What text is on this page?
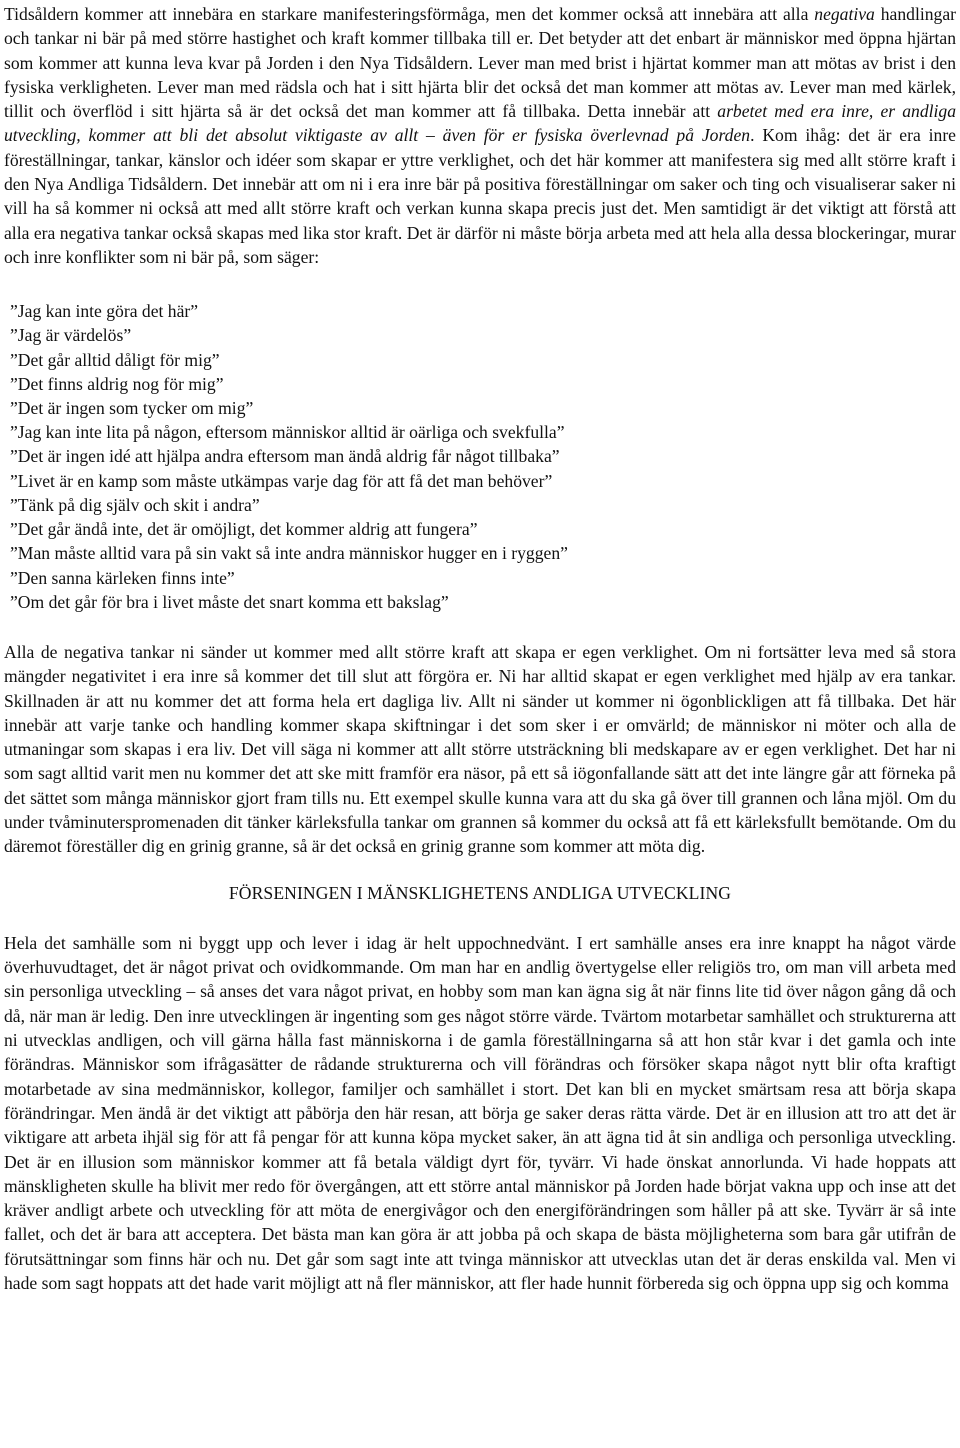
Tidsåldern kommer att innebära en starkare manifesteringsförmåga, men det kommer också att innebära att alla negativa handlingar och tankar ni bär på med större hastighet och kraft kommer tillbaka till er. Det betyder att det enbart är människor med öppna hjärtan som kommer att kunna leva kvar på Jorden i den Nya Tidsåldern. Lever man med brist i hjärtat kommer man att mötas av brist i den fysiska verkligheten. Lever man med rädsla och hat i sitt hjärta blir det också det man kommer att mötas av. Lever man med kärlek, tillit och överflöd i sitt hjärta så är det också det man kommer att få tillbaka. Detta innebär att arbetet med era inre, er andliga utveckling, kommer att bli det absolut viktigaste av allt – även för er fysiska överlevnad på Jorden. Kom ihåg: det är era inre föreställningar, tankar, känslor och idéer som skapar er yttre verklighet, och det här kommer att manifestera sig med allt större kraft i den Nya Andliga Tidsåldern. Det innebär att om ni i era inre bär på positiva föreställningar om saker och ting och visualiserar saker ni vill ha så kommer ni också att med allt större kraft och verkan kunna skapa precis just det. Men samtidigt är det viktigt att förstå att alla era negativa tankar också skapas med lika stor kraft. Det är därför ni måste börja arbeta med att hela alla dessa blockeringar, murar och inre konflikter som ni bär på, som säger:

”Jag kan inte göra det här”
”Jag är värdelös”
”Det går alltid dåligt för mig”
”Det finns aldrig nog för mig”
”Det är ingen som tycker om mig”
”Jag kan inte lita på någon, eftersom människor alltid är oärliga och svekfulla”
”Det är ingen idé att hjälpa andra eftersom man ändå aldrig får något tillbaka”
”Livet är en kamp som måste utkämpas varje dag för att få det man behöver”
”Tänk på dig själv och skit i andra”
”Det går ändå inte, det är omöjligt, det kommer aldrig att fungera”
”Man måste alltid vara på sin vakt så inte andra människor hugger en i ryggen”
”Den sanna kärleken finns inte”
”Om det går för bra i livet måste det snart komma ett bakslag”

Alla de negativa tankar ni sänder ut kommer med allt större kraft att skapa er egen verklighet. Om ni fortsätter leva med så stora mängder negativitet i era inre så kommer det till slut att förgöra er. Ni har alltid skapat er egen verklighet med hjälp av era tankar. Skillnaden är att nu kommer det att forma hela ert dagliga liv. Allt ni sänder ut kommer ni ögonblickligen att få tillbaka. Det här innebär att varje tanke och handling kommer skapa skiftningar i det som sker i er omvärld; de människor ni möter och alla de utmaningar som skapas i era liv. Det vill säga ni kommer att allt större utsträckning bli medskapare av er egen verklighet. Det har ni som sagt alltid varit men nu kommer det att ske mitt framför era näsor, på ett så iögonfallande sätt att det inte längre går att förneka på det sättet som många människor gjort fram tills nu. Ett exempel skulle kunna vara att du ska gå över till grannen och låna mjöl. Om du under tvåminuterspromenaden dit tänker kärleksfulla tankar om grannen så kommer du också att få ett kärleksfullt bemötande. Om du däremot föreställer dig en grinig granne, så är det också en grinig granne som kommer att möta dig.

FÖRSENINGEN I MÄNSKLIGHETENS ANDLIGA UTVECKLING

Hela det samhälle som ni byggt upp och lever i idag är helt uppochnedvänt. I ert samhälle anses era inre knappt ha något värde överhuvudtaget, det är något privat och ovidkommande. Om man har en andlig övertygelse eller religiös tro, om man vill arbeta med sin personliga utveckling – så anses det vara något privat, en hobby som man kan ägna sig åt när finns lite tid över någon gång då och då, när man är ledig. Den inre utvecklingen är ingenting som ges något större värde. Tvärtom motarbetar samhället och strukturerna att ni utvecklas andligen, och vill gärna hålla fast människorna i de gamla föreställningarna så att hon står kvar i det gamla och inte förändras. Människor som ifrågasätter de rådande strukturerna och vill förändras och försöker skapa något nytt blir ofta kraftigt motarbetade av sina medmänniskor, kollegor, familjer och samhället i stort. Det kan bli en mycket smärtsam resa att börja skapa förändringar. Men ändå är det viktigt att påbörja den här resan, att börja ge saker deras rätta värde. Det är en illusion att tro att det är viktigare att arbeta ihjäl sig för att få pengar för att kunna köpa mycket saker, än att ägna tid åt sin andliga och personliga utveckling. Det är en illusion som människor kommer att få betala väldigt dyrt för, tyvärr. Vi hade önskat annorlunda. Vi hade hoppats att mänskligheten skulle ha blivit mer redo för övergången, att ett större antal människor på Jorden hade börjat vakna upp och inse att det kräver andligt arbete och utveckling för att möta de energivågor och den energiförändringen som håller på att ske. Tyvärr är så inte fallet, och det är bara att acceptera. Det bästa man kan göra är att jobba på och skapa de bästa möjligheterna som bara går utifrån de förutsättningar som finns här och nu. Det går som sagt inte att tvinga människor att utvecklas utan det är deras enskilda val. Men vi hade som sagt hoppats att det hade varit möjligt att nå fler människor, att fler hade hunnit förbereda sig och öppna upp sig och komma
